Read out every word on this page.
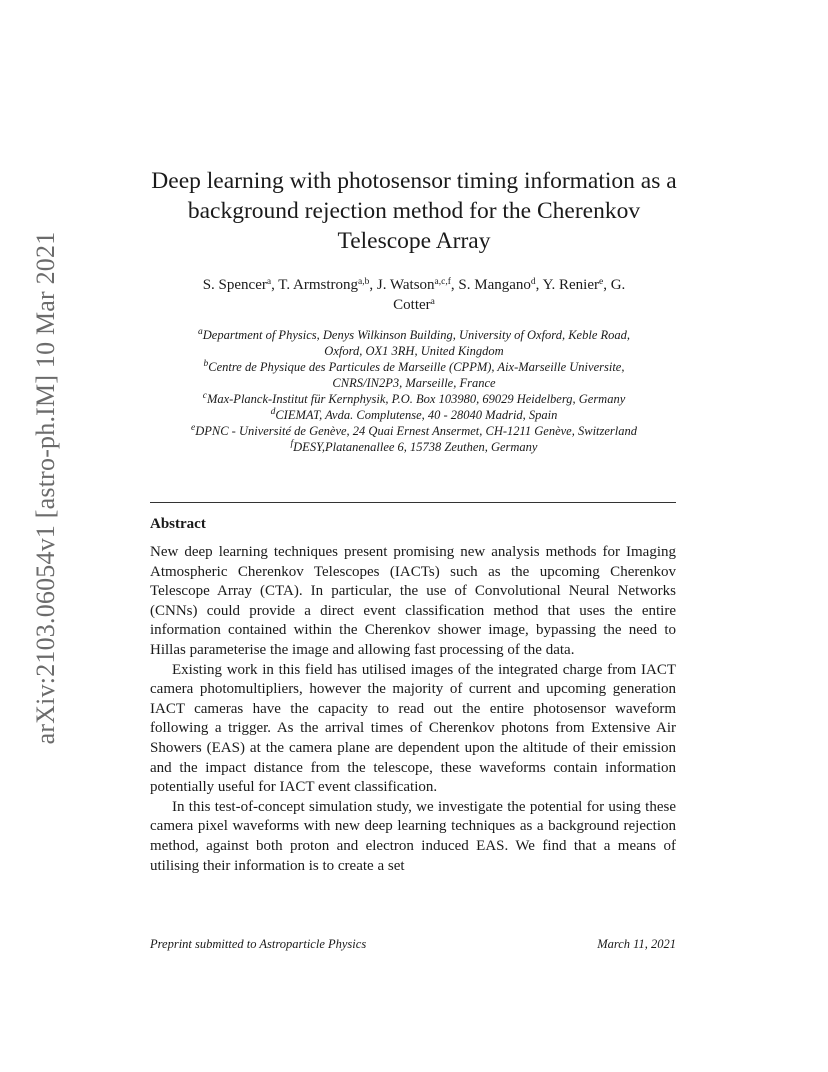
arXiv:2103.06054v1 [astro-ph.IM] 10 Mar 2021
Deep learning with photosensor timing information as a
background rejection method for the Cherenkov
Telescope Array
S. Spencer$^a$, T. Armstrong$^{a,b}$, J. Watson$^{a,c,f}$, S. Mangano$^d$, Y. Renier$^e$, G.
Cotter$^a$
$^a$Department of Physics, Denys Wilkinson Building, University of Oxford, Keble Road,
Oxford, OX1 3RH, United Kingdom
$^b$Centre de Physique des Particules de Marseille (CPPM), Aix-Marseille Universite,
CNRS/IN2P3, Marseille, France
$^c$Max-Planck-Institut für Kernphysik, P.O. Box 103980, 69029 Heidelberg, Germany
$^d$CIEMAT, Avda. Complutense, 40 - 28040 Madrid, Spain
$^e$DPNC - Université de Genève, 24 Quai Ernest Ansermet, CH-1211 Genève, Switzerland
$^f$DESY,Platanenallee 6, 15738 Zeuthen, Germany
Abstract

New deep learning techniques present promising new analysis methods for Imaging Atmospheric Cherenkov Telescopes (IACTs) such as the upcoming Cherenkov Telescope Array (CTA). In particular, the use of Convolutional Neural Networks (CNNs) could provide a direct event classification method that uses the entire information contained within the Cherenkov shower image, bypassing the need to Hillas parameterise the image and allowing fast processing of the data.

Existing work in this field has utilised images of the integrated charge from IACT camera photomultipliers, however the majority of current and upcoming generation IACT cameras have the capacity to read out the entire photosensor waveform following a trigger. As the arrival times of Cherenkov photons from Extensive Air Showers (EAS) at the camera plane are dependent upon the altitude of their emission and the impact distance from the telescope, these waveforms contain information potentially useful for IACT event classification.

In this test-of-concept simulation study, we investigate the potential for using these camera pixel waveforms with new deep learning techniques as a background rejection method, against both proton and electron induced EAS. We find that a means of utilising their information is to create a set

Preprint submitted to Astroparticle Physics	March 11, 2021
